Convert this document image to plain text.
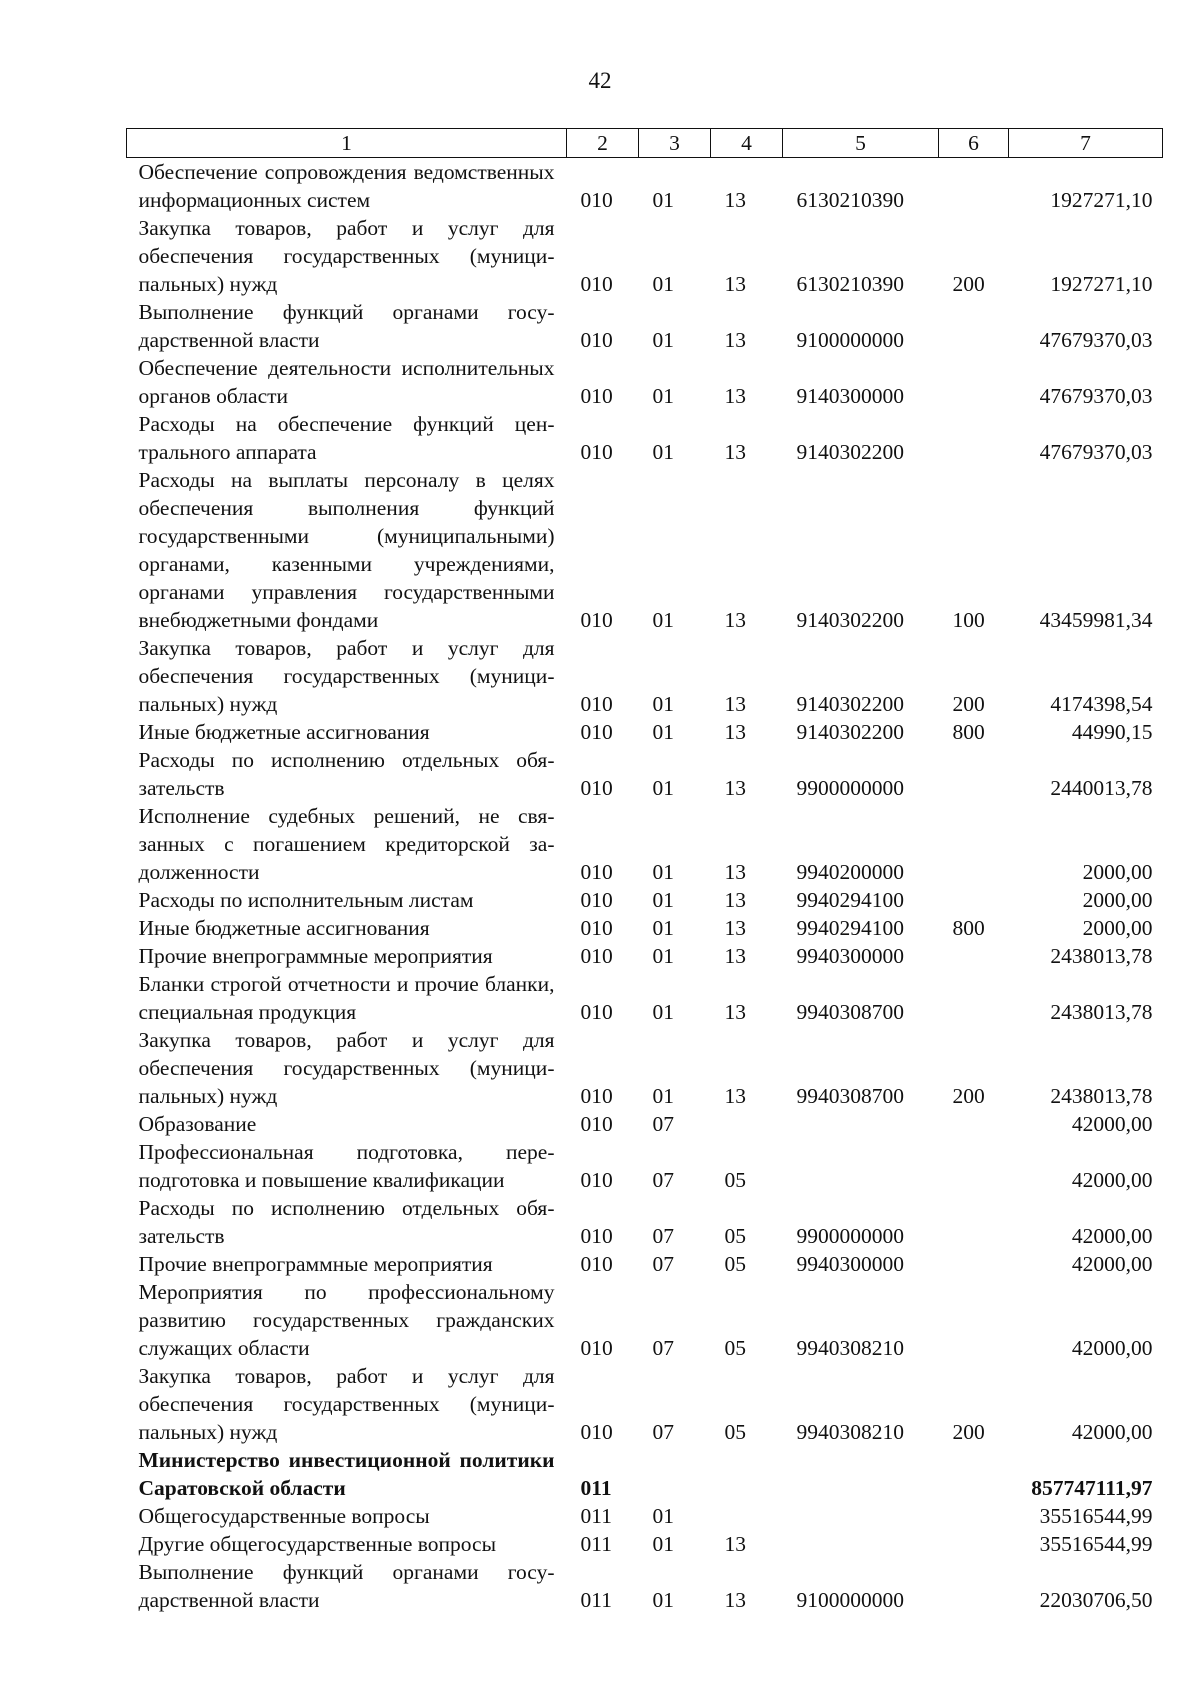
42
1	2	3	4	5	6	7
Обеспечение сопровождения ведомственных информационных систем	010	01	13	6130210390		1927271,10
Закупка товаров, работ и услуг для обеспечения государственных (муниципальных) нужд	010	01	13	6130210390	200	1927271,10
Выполнение функций органами государственной власти	010	01	13	9100000000		47679370,03
Обеспечение деятельности исполнительных органов области	010	01	13	9140300000		47679370,03
Расходы на обеспечение функций центрального аппарата	010	01	13	9140302200		47679370,03
Расходы на выплаты персоналу в целях обеспечения выполнения функций государственными (муниципальными) органами, казенными учреждениями, органами управления государственными внебюджетными фондами	010	01	13	9140302200	100	43459981,34
Закупка товаров, работ и услуг для обеспечения государственных (муниципальных) нужд	010	01	13	9140302200	200	4174398,54
Иные бюджетные ассигнования	010	01	13	9140302200	800	44990,15
Расходы по исполнению отдельных обязательств	010	01	13	9900000000		2440013,78
Исполнение судебных решений, не связанных с погашением кредиторской задолженности	010	01	13	9940200000		2000,00
Расходы по исполнительным листам	010	01	13	9940294100		2000,00
Иные бюджетные ассигнования	010	01	13	9940294100	800	2000,00
Прочие внепрограммные мероприятия	010	01	13	9940300000		2438013,78
Бланки строгой отчетности и прочие бланки, специальная продукция	010	01	13	9940308700		2438013,78
Закупка товаров, работ и услуг для обеспечения государственных (муниципальных) нужд	010	01	13	9940308700	200	2438013,78
Образование	010	07				42000,00
Профессиональная подготовка, переподготовка и повышение квалификации	010	07	05			42000,00
Расходы по исполнению отдельных обязательств	010	07	05	9900000000		42000,00
Прочие внепрограммные мероприятия	010	07	05	9940300000		42000,00
Мероприятия по профессиональному развитию государственных гражданских служащих области	010	07	05	9940308210		42000,00
Закупка товаров, работ и услуг для обеспечения государственных (муниципальных) нужд	010	07	05	9940308210	200	42000,00
Министерство инвестиционной политики Саратовской области	011					857747111,97
Общегосударственные вопросы	011	01				35516544,99
Другие общегосударственные вопросы	011	01	13			35516544,99
Выполнение функций органами государственной власти	011	01	13	9100000000		22030706,50
